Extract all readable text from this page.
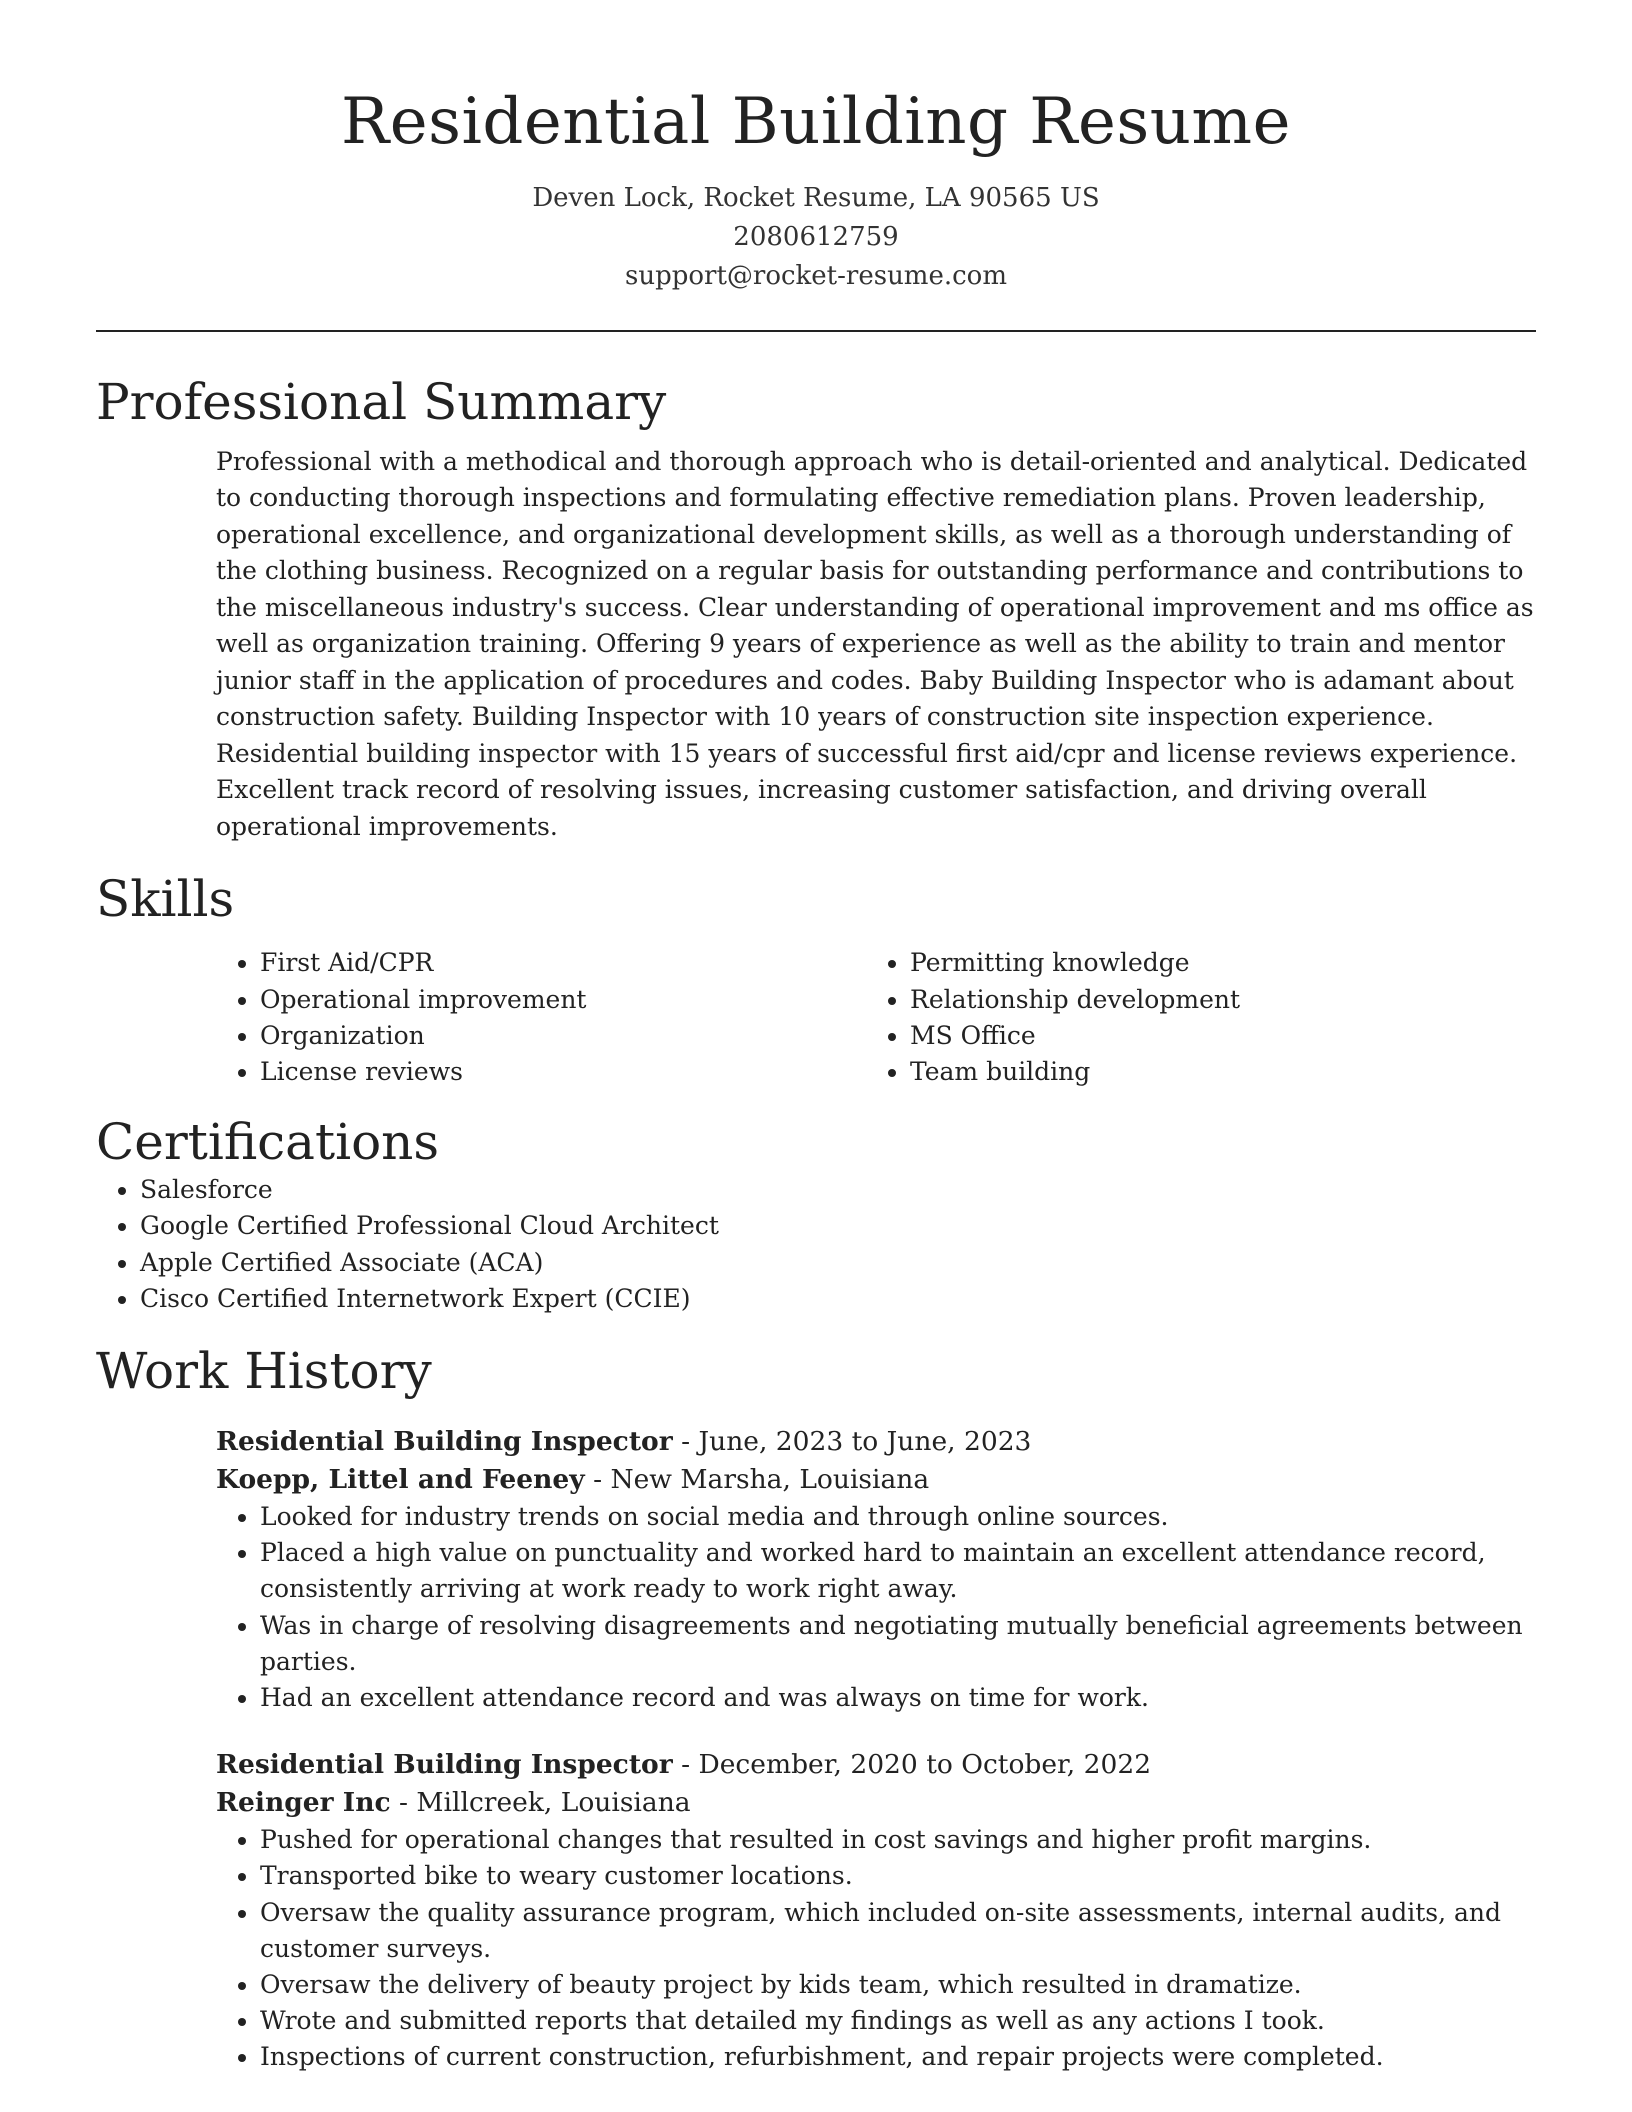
Residential Building Resume
Deven Lock, Rocket Resume, LA 90565 US
2080612759
support@rocket-resume.com
Professional Summary

Professional with a methodical and thorough approach who is detail-oriented and analytical. Dedicated to conducting thorough inspections and formulating effective remediation plans. Proven leadership, operational excellence, and organizational development skills, as well as a thorough understanding of the clothing business. Recognized on a regular basis for outstanding performance and contributions to the miscellaneous industry's success. Clear understanding of operational improvement and ms office as well as organization training. Offering 9 years of experience as well as the ability to train and mentor junior staff in the application of procedures and codes. Baby Building Inspector who is adamant about construction safety. Building Inspector with 10 years of construction site inspection experience. Residential building inspector with 15 years of successful first aid/cpr and license reviews experience. Excellent track record of resolving issues, increasing customer satisfaction, and driving overall operational improvements.

Skills
• First Aid/CPR
• Operational improvement
• Organization
• License reviews
• Permitting knowledge
• Relationship development
• MS Office
• Team building
Certifications
• Salesforce
• Google Certified Professional Cloud Architect
• Apple Certified Associate (ACA)
• Cisco Certified Internetwork Expert (CCIE)
Work History
Residential Building Inspector - June, 2023 to June, 2023
Koepp, Littel and Feeney - New Marsha, Louisiana
• Looked for industry trends on social media and through online sources.
• Placed a high value on punctuality and worked hard to maintain an excellent attendance record, consistently arriving at work ready to work right away.
• Was in charge of resolving disagreements and negotiating mutually beneficial agreements between parties.
• Had an excellent attendance record and was always on time for work.
Residential Building Inspector - December, 2020 to October, 2022
Reinger Inc - Millcreek, Louisiana
• Pushed for operational changes that resulted in cost savings and higher profit margins.
• Transported bike to weary customer locations.
• Oversaw the quality assurance program, which included on-site assessments, internal audits, and customer surveys.
• Oversaw the delivery of beauty project by kids team, which resulted in dramatize.
• Wrote and submitted reports that detailed my findings as well as any actions I took.
• Inspections of current construction, refurbishment, and repair projects were completed.
